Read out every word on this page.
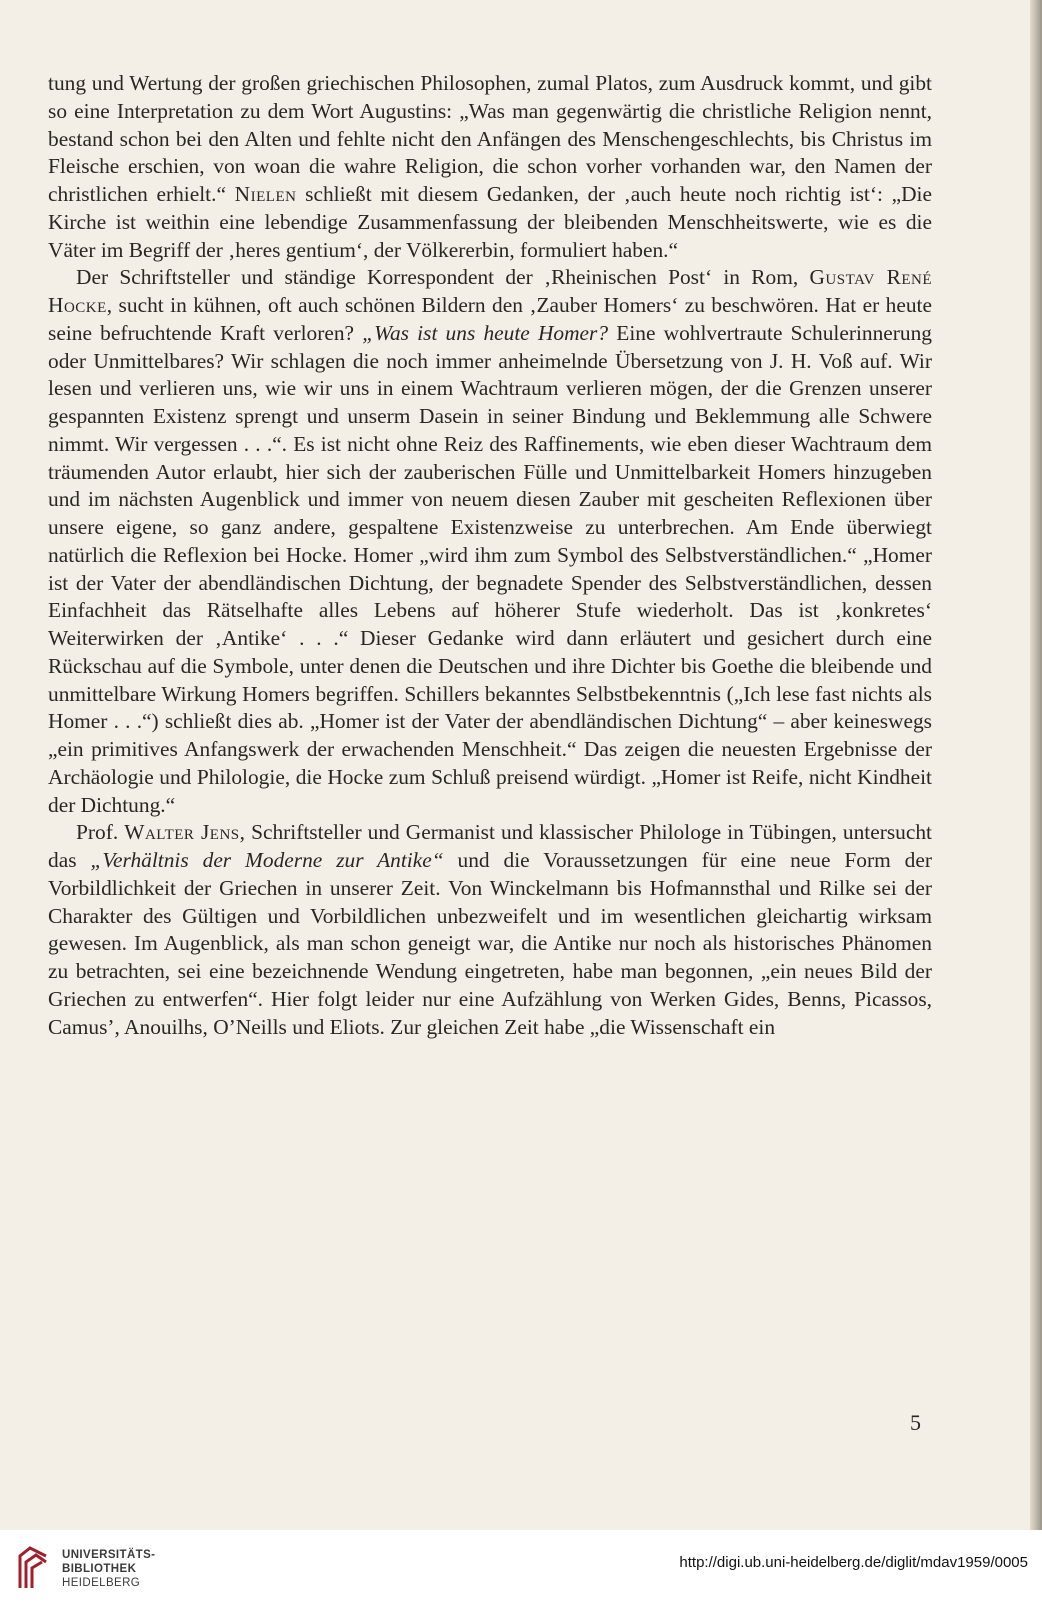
tung und Wertung der großen griechischen Philosophen, zumal Platos, zum Ausdruck kommt, und gibt so eine Interpretation zu dem Wort Augustins: „Was man gegenwärtig die christliche Religion nennt, bestand schon bei den Alten und fehlte nicht den Anfängen des Menschengeschlechts, bis Christus im Fleische erschien, von woan die wahre Religion, die schon vorher vorhanden war, den Namen der christlichen erhielt.“ Nielen schließt mit diesem Gedanken, der ‚auch heute noch richtig ist‘: „Die Kirche ist weithin eine lebendige Zusammenfassung der bleibenden Menschheitswerte, wie es die Väter im Begriff der ‚heres gentium‘, der Völkererbin, formuliert haben.“

Der Schriftsteller und ständige Korrespondent der ‚Rheinischen Post‘ in Rom, Gustav René Hocke, sucht in kühnen, oft auch schönen Bildern den ‚Zauber Homers‘ zu beschwören. Hat er heute seine befruchtende Kraft verloren? „Was ist uns heute Homer? Eine wohlvertraute Schulerinnerung oder Unmittelbares? Wir schlagen die noch immer anheimelnde Übersetzung von J. H. Voß auf. Wir lesen und verlieren uns, wie wir uns in einem Wachtraum verlieren mögen, der die Grenzen unserer gespannten Existenz sprengt und unserm Dasein in seiner Bindung und Beklemmung alle Schwere nimmt. Wir vergessen . . .“. Es ist nicht ohne Reiz des Raffinements, wie eben dieser Wachtraum dem träumenden Autor erlaubt, hier sich der zauberischen Fülle und Unmittelbarkeit Homers hinzugeben und im nächsten Augenblick und immer von neuem diesen Zauber mit gescheiten Reflexionen über unsere eigene, so ganz andere, gespaltene Existenzweise zu unterbrechen. Am Ende überwiegt natürlich die Reflexion bei Hocke. Homer „wird ihm zum Symbol des Selbstverständlichen.“ „Homer ist der Vater der abendländischen Dichtung, der begnadete Spender des Selbstverständlichen, dessen Einfachheit das Rätselhafte alles Lebens auf höherer Stufe wiederholt. Das ist ‚konkretes‘ Weiterwirken der ‚Antike‘ . . .“ Dieser Gedanke wird dann erläutert und gesichert durch eine Rückschau auf die Symbole, unter denen die Deutschen und ihre Dichter bis Goethe die bleibende und unmittelbare Wirkung Homers begriffen. Schillers bekanntes Selbstbekenntnis („Ich lese fast nichts als Homer . . .“) schließt dies ab. „Homer ist der Vater der abendländischen Dichtung“ – aber keineswegs „ein primitives Anfangswerk der erwachenden Menschheit.“ Das zeigen die neuesten Ergebnisse der Archäologie und Philologie, die Hocke zum Schluß preisend würdigt. „Homer ist Reife, nicht Kindheit der Dichtung.“

Prof. Walter Jens, Schriftsteller und Germanist und klassischer Philologe in Tübingen, untersucht das „Verhältnis der Moderne zur Antike“ und die Voraussetzungen für eine neue Form der Vorbildlichkeit der Griechen in unserer Zeit. Von Winckelmann bis Hofmannsthal und Rilke sei der Charakter des Gültigen und Vorbildlichen unbezweifelt und im wesentlichen gleichartig wirksam gewesen. Im Augenblick, als man schon geneigt war, die Antike nur noch als historisches Phänomen zu betrachten, sei eine bezeichnende Wendung eingetreten, habe man begonnen, „ein neues Bild der Griechen zu entwerfen“. Hier folgt leider nur eine Aufzählung von Werken Gides, Benns, Picassos, Camus’, Anouilhs, O’Neills und Eliots. Zur gleichen Zeit habe „die Wissenschaft ein

5
UNIVERSITÄTS-
BIBLIOTHEK
HEIDELBERG
http://digi.ub.uni-heidelberg.de/diglit/mdav1959/0005
